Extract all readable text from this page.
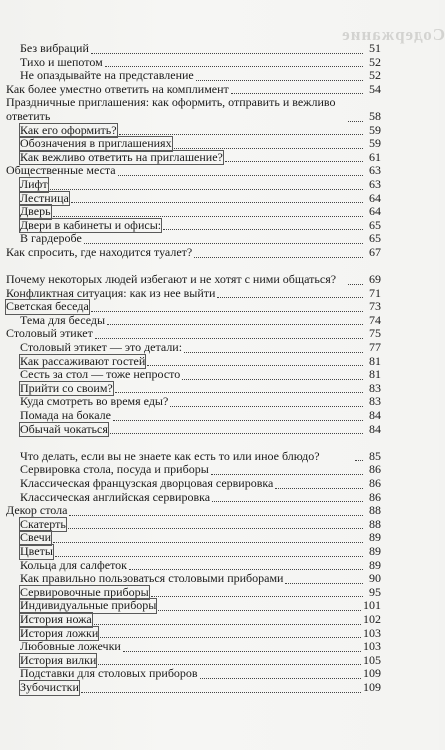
Содержание
Без вибраций	51
Тихо и шепотом	52
Не опаздывайте на представление	52
Как более уместно ответить на комплимент	54
Праздничные приглашения: как оформить, отправить и вежливо ответить	58
Как его оформить?	59
Обозначения в приглашениях	59
Как вежливо ответить на приглашение?	61
Общественные места	63
Лифт	63
Лестница	64
Дверь	64
Двери в кабинеты и офисы:	65
В гардеробе	65
Как спросить, где находится туалет?	67
Почему некоторых людей избегают и не хотят с ними общаться?	69
Конфликтная ситуация: как из нее выйти	71
Светская беседа	73
Тема для беседы	74
Столовый этикет	75
Столовый этикет — это детали:	77
Как рассаживают гостей	81
Сесть за стол — тоже непросто	81
Прийти со своим?	83
Куда смотреть во время еды?	83
Помада на бокале	84
Обычай чокаться	84
Что делать, если вы не знаете как есть то или иное блюдо?	85
Сервировка стола, посуда и приборы	86
Классическая французская дворцовая сервировка	86
Классическая английская сервировка	86
Декор стола	88
Скатерть	88
Свечи	89
Цветы	89
Кольца для салфеток	89
Как правильно пользоваться столовыми приборами	90
Сервировочные приборы	95
Индивидуальные приборы	101
История ножа	102
История ложки	103
Любовные ложечки	103
История вилки	105
Подставки для столовых приборов	109
Зубочистки	109
